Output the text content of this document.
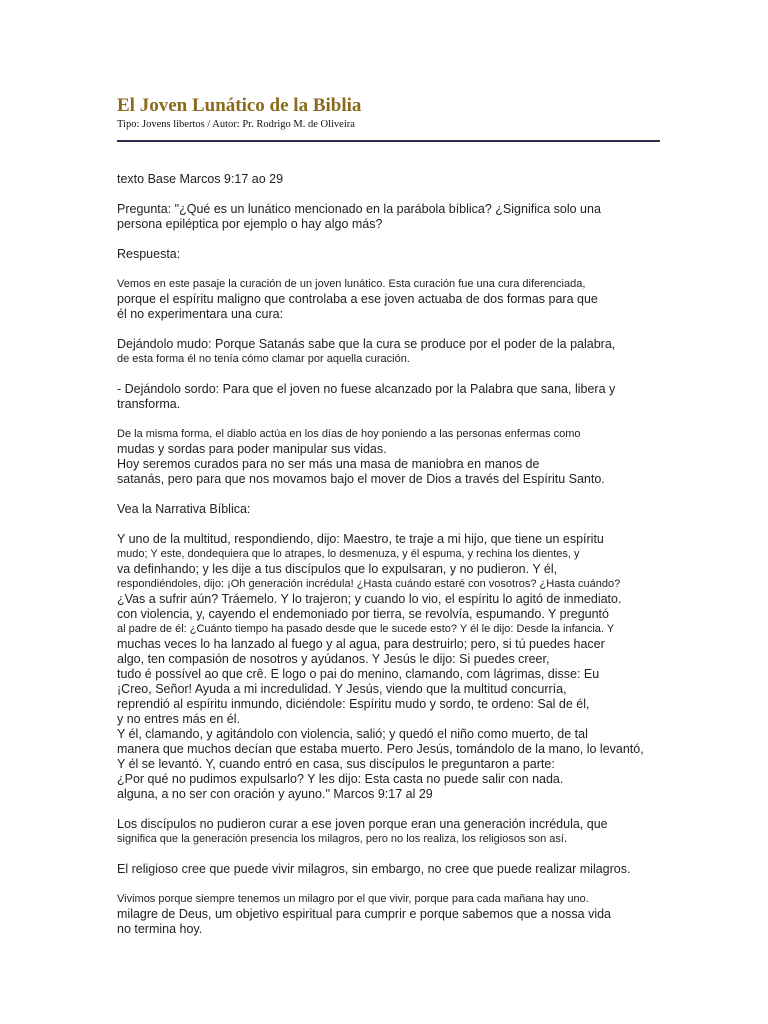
El Joven Lunático de la Biblia

Tipo: Jovens libertos / Autor: Pr. Rodrigo M. de Oliveira

texto Base Marcos 9:17 ao 29
Pregunta: "¿Qué es un lunático mencionado en la parábola bíblica? ¿Significa solo una
persona epiléptica por ejemplo o hay algo más?
Respuesta:
Vemos en este pasaje la curación de un joven lunático. Esta curación fue una cura diferenciada,
porque el espíritu maligno que controlaba a ese joven actuaba de dos formas para que
él no experimentara una cura:
Dejándolo mudo: Porque Satanás sabe que la cura se produce por el poder de la palabra,
de esta forma él no tenía cómo clamar por aquella curación.
- Dejándolo sordo: Para que el joven no fuese alcanzado por la Palabra que sana, libera y
transforma.
De la misma forma, el diablo actúa en los días de hoy poniendo a las personas enfermas como
mudas y sordas para poder manipular sus vidas.
Hoy seremos curados para no ser más una masa de maniobra en manos de
satanás, pero para que nos movamos bajo el mover de Dios a través del Espíritu Santo.
Vea la Narrativa Bíblica:
Y uno de la multitud, respondiendo, dijo: Maestro, te traje a mi hijo, que tiene un espíritu
mudo; Y este, dondequiera que lo atrapes, lo desmenuza, y él espuma, y rechina los dientes, y
va definhando; y les dije a tus discípulos que lo expulsaran, y no pudieron. Y él,
respondiéndoles, dijo: ¡Oh generación incrédula! ¿Hasta cuándo estaré con vosotros? ¿Hasta cuándo?
¿Vas a sufrir aún? Tráemelo. Y lo trajeron; y cuando lo vio, el espíritu lo agitó de inmediato.
con violencia, y, cayendo el endemoniado por tierra, se revolvía, espumando. Y preguntó
al padre de él: ¿Cuánto tiempo ha pasado desde que le sucede esto? Y él le dijo: Desde la infancia. Y
muchas veces lo ha lanzado al fuego y al agua, para destruirlo; pero, si tú puedes hacer
algo, ten compasión de nosotros y ayúdanos. Y Jesús le dijo: Si puedes creer,
tudo é possível ao que crê. E logo o pai do menino, clamando, com lágrimas, disse: Eu
¡Creo, Señor! Ayuda a mi incredulidad. Y Jesús, viendo que la multitud concurría,
reprendió al espíritu inmundo, diciéndole: Espíritu mudo y sordo, te ordeno: Sal de él,
y no entres más en él.
Y él, clamando, y agitándolo con violencia, salió; y quedó el niño como muerto, de tal
manera que muchos decían que estaba muerto. Pero Jesús, tomándolo de la mano, lo levantó,
Y él se levantó. Y, cuando entró en casa, sus discípulos le preguntaron a parte:
¿Por qué no pudimos expulsarlo? Y les dijo: Esta casta no puede salir con nada.
alguna, a no ser con oración y ayuno." Marcos 9:17 al 29
Los discípulos no pudieron curar a ese joven porque eran una generación incrédula, que
significa que la generación presencia los milagros, pero no los realiza, los religiosos son así.
El religioso cree que puede vivir milagros, sin embargo, no cree que puede realizar milagros.
Vivimos porque siempre tenemos un milagro por el que vivir, porque para cada mañana hay uno.
milagre de Deus, um objetivo espiritual para cumprir e porque sabemos que a nossa vida
no termina hoy.
